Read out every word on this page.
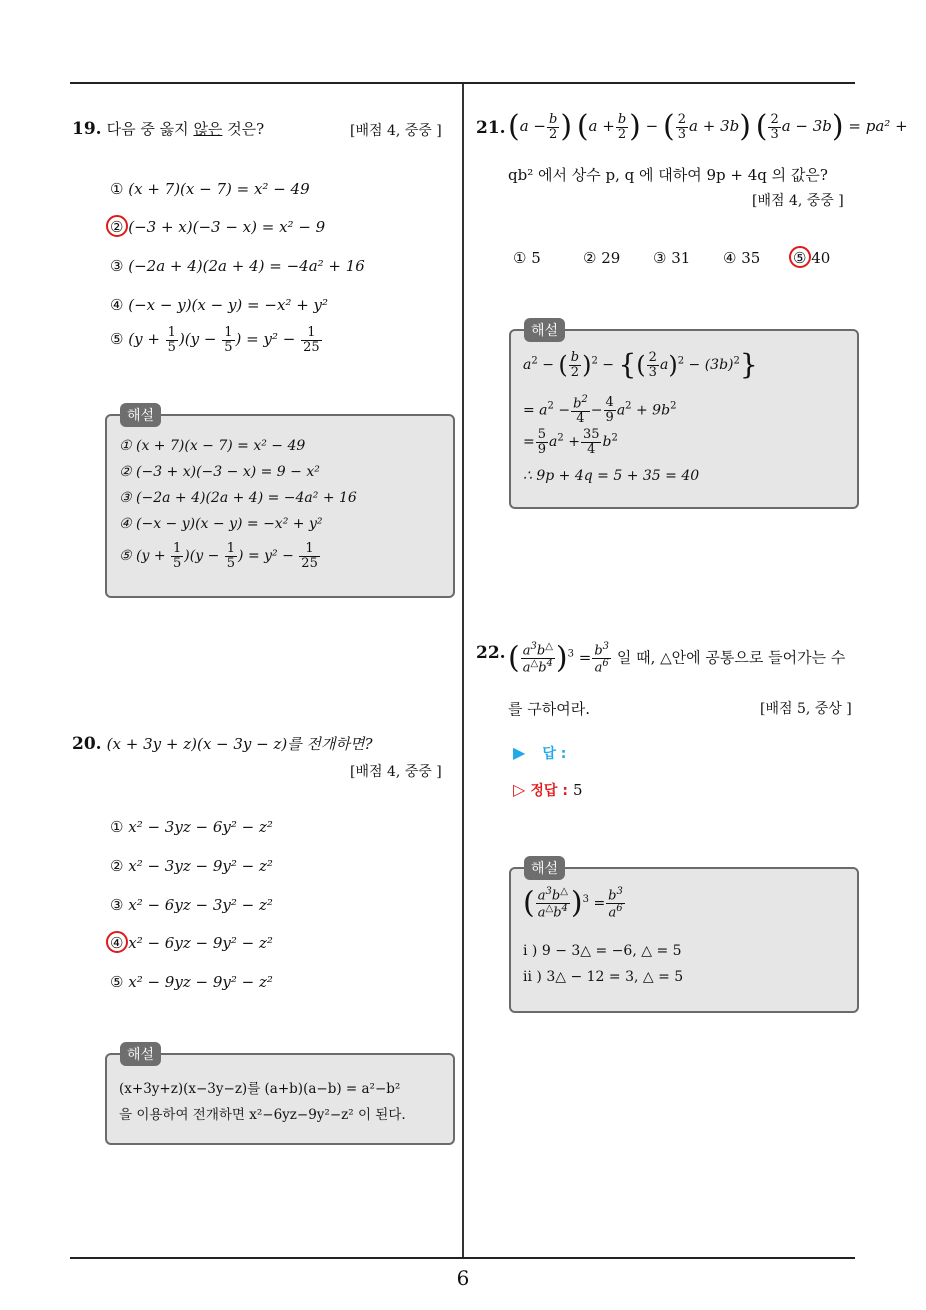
6
19. 다음 중 옳지 않은 것은?	[배점 4, 중중 ]
① (x + 7)(x − 7) = x² − 49
② (−3 + x)(−3 − x) = x² − 9
③ (−2a + 4)(2a + 4) = −4a² + 16
④ (−x − y)(x − y) = −x² + y²
⑤ $(y + \frac{1}{5} )(y - \frac{1}{5}$ ) = $y^2 - \frac{1}{25}$
① (x + 7)(x − 7) = x² − 49
② (−3 + x)(−3 − x) = 9 − x²
③ (−2a + 4)(2a + 4) = −4a² + 16
④ (−x − y)(x − y) = −x² + y²
⑤ $(y + \frac{1}{5} )(y - \frac{1}{5}$ ) = $y^2 - \frac{1}{25}$
해설
20. (x + 3y + z)(x − 3y − z)를 전개하면?
[배점 4, 중중 ]
① x² − 3yz − 6y² − z²
② x² − 3yz − 9y² − z²
③ x² − 6yz − 3y² − z²
④ x² − 6yz − 9y² − z²
⑤ x² − 9yz − 9y² − z²
(x+3y+z)(x−3y−z)를 (a+b)(a−b) = a²−b²
을 이용하여 전개하면 x²−6yz−9y²−z² 이 된다.
해설
21. ($a - \frac{b}{2}$ ) ($a + \frac{b}{2}$ ) − ( $\frac{2}{3}$ a + 3b) ( $\frac{2}{3}$ a − 3b) = pa² +
qb² 에서 상수 p, q 에 대하여 9p + 4q 의 값은?
[배점 4, 중중 ]
① 5	② 29 ③ 31 ④ 35 ⑤ 40
$a^2$ − ( $\frac{b}{2} )^2$ − {( $\frac{2}{3} a)^2 - (3b)^2$}
= $a^2 - \frac{b^2}{4} - \frac{4}{9} a^2 + 9b^2$
= $\frac{5}{9} a^2 + \frac{35}{4} b^2$
∴ 9p + 4q = 5 + 35 = 40
해설
22. ( $\frac{a^3b^\triangle}{a^\triangle b^4} )^3 = \frac{b^3}{a^6}$ 일 때, △안에 공통으로 들어가는 수
를 구하여라.	[배점 5, 중상 ]
▶ 답 :
▷ 정답 : 5
( $\frac{a^3b^\triangle}{a^\triangle b^4} )^3 = \frac{b^3}{a^6}$
i ) 9 − 3△ = −6, △ = 5
ii ) 3△ − 12 = 3, △ = 5
해설
